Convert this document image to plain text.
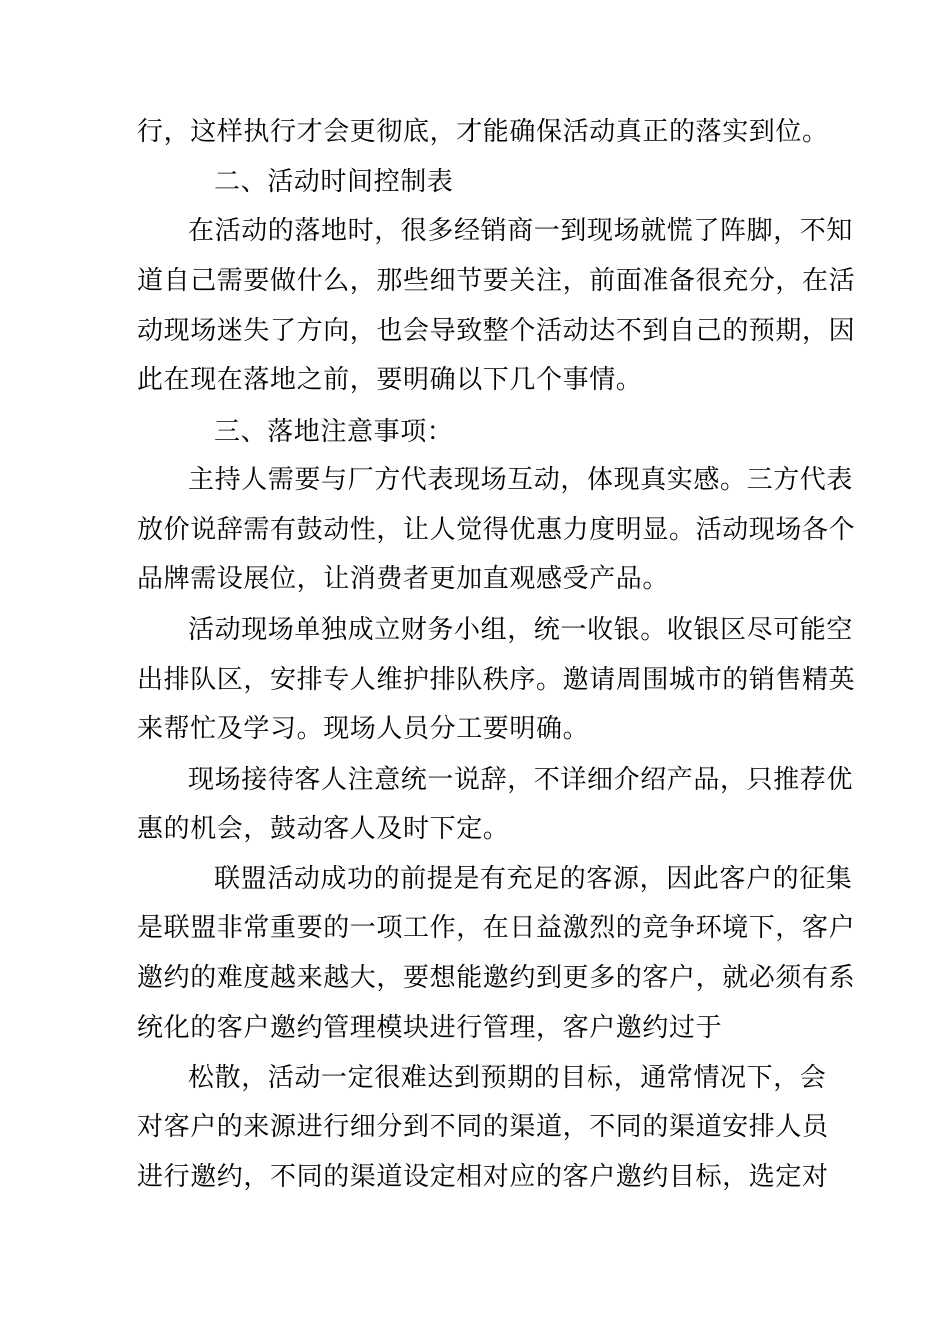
行，这样执行才会更彻底，才能确保活动真正的落实到位。
二、活动时间控制表
在活动的落地时，很多经销商一到现场就慌了阵脚，不知
道自己需要做什么，那些细节要关注，前面准备很充分，在活
动现场迷失了方向，也会导致整个活动达不到自己的预期，因
此在现在落地之前，要明确以下几个事情。
三、落地注意事项：
主持人需要与厂方代表现场互动，体现真实感。三方代表
放价说辞需有鼓动性，让人觉得优惠力度明显。活动现场各个
品牌需设展位，让消费者更加直观感受产品。
活动现场单独成立财务小组，统一收银。收银区尽可能空
出排队区，安排专人维护排队秩序。邀请周围城市的销售精英
来帮忙及学习。现场人员分工要明确。
现场接待客人注意统一说辞，不详细介绍产品，只推荐优
惠的机会，鼓动客人及时下定。
联盟活动成功的前提是有充足的客源，因此客户的征集
是联盟非常重要的一项工作，在日益激烈的竞争环境下，客户
邀约的难度越来越大，要想能邀约到更多的客户，就必须有系
统化的客户邀约管理模块进行管理，客户邀约过于
松散，活动一定很难达到预期的目标，通常情况下，会
对客户的来源进行细分到不同的渠道，不同的渠道安排人员
进行邀约，不同的渠道设定相对应的客户邀约目标，选定对
